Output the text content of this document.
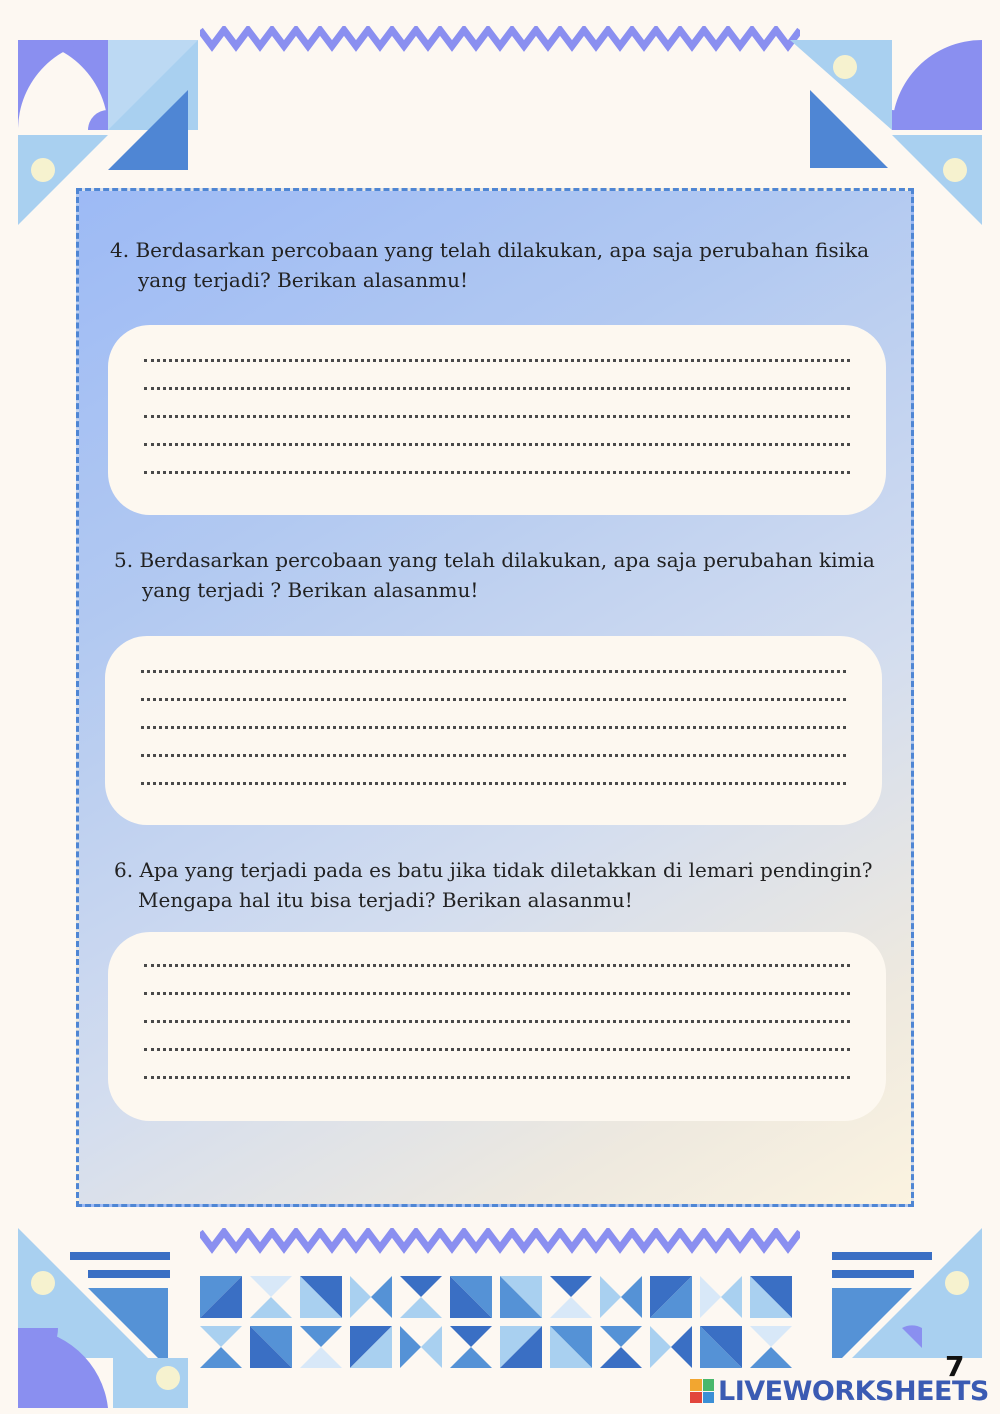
4. Berdasarkan percobaan yang telah dilakukan, apa saja perubahan fisika
yang terjadi? Berikan alasanmu!

5. Berdasarkan percobaan yang telah dilakukan, apa saja perubahan kimia
yang terjadi ? Berikan alasanmu!

6. Apa yang terjadi pada es batu jika tidak diletakkan di lemari pendingin?
Mengapa hal itu bisa terjadi? Berikan alasanmu!

7
LIVEWORKSHEETS
